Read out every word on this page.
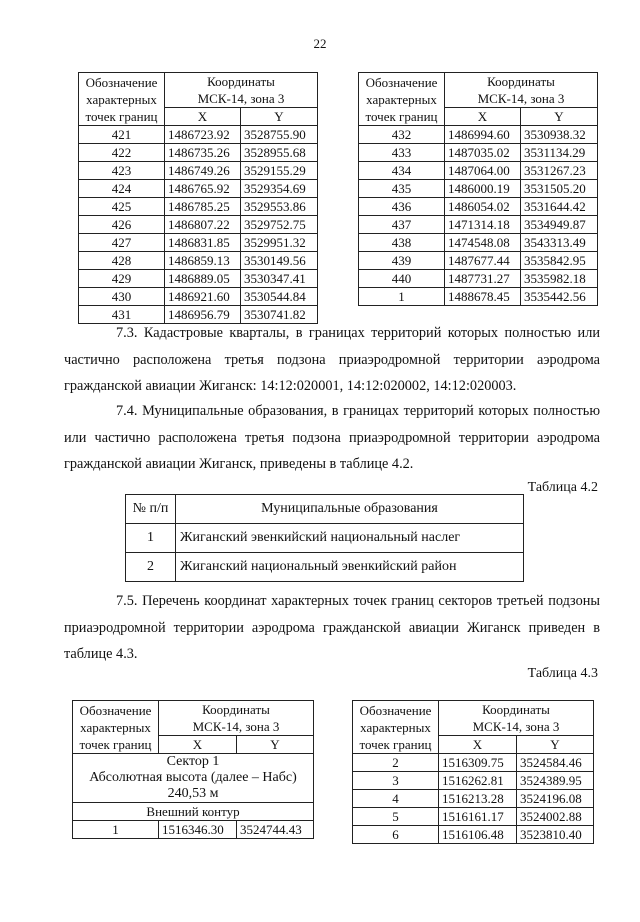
22
Обозначение
характерных
точек границ	Координаты	
	МСК-14, зона 3	
	X	Y
421	1486723.92	3528755.90
422	1486735.26	3528955.68
423	1486749.26	3529155.29
424	1486765.92	3529354.69
425	1486785.25	3529553.86
426	1486807.22	3529752.75
427	1486831.85	3529951.32
428	1486859.13	3530149.56
429	1486889.05	3530347.41
430	1486921.60	3530544.84
431	1486956.79	3530741.82
Обозначение
характерных
точек границ	Координаты	
	МСК-14, зона 3	
	X	Y
432	1486994.60	3530938.32
433	1487035.02	3531134.29
434	1487064.00	3531267.23
435	1486000.19	3531505.20
436	1486054.02	3531644.42
437	1471314.18	3534949.87
438	1474548.08	3543313.49
439	1487677.44	3535842.95
440	1487731.27	3535982.18
1	1488678.45	3535442.56

7.3. Кадастровые кварталы, в границах территорий которых полностью или частично расположена третья подзона приаэродромной территории аэродрома гражданской авиации Жиганск: 14:12:020001, 14:12:020002, 14:12:020003.

7.4. Муниципальные образования, в границах территорий которых полностью или частично расположена третья подзона приаэродромной территории аэродрома гражданской авиации Жиганск, приведены в таблице 4.2.

Таблица 4.2
№ п/п	Муниципальные образования
1	Жиганский эвенкийский национальный наслег
2	Жиганский национальный эвенкийский район

7.5. Перечень координат характерных точек границ секторов третьей подзоны приаэродромной территории аэродрома гражданской авиации Жиганск приведен в таблице 4.3.

Таблица 4.3
Обозначение
характерных
точек границ	Координаты	
	МСК-14, зона 3	
	X	Y
Сектор 1		
Абсолютная высота (далее – Набс)		
240,53 м		
Внешний контур		
1	1516346.30	3524744.43
Обозначение
характерных
точек границ	Координаты	
	МСК-14, зона 3	
	X	Y
2	1516309.75	3524584.46
3	1516262.81	3524389.95
4	1516213.28	3524196.08
5	1516161.17	3524002.88
6	1516106.48	3523810.40
